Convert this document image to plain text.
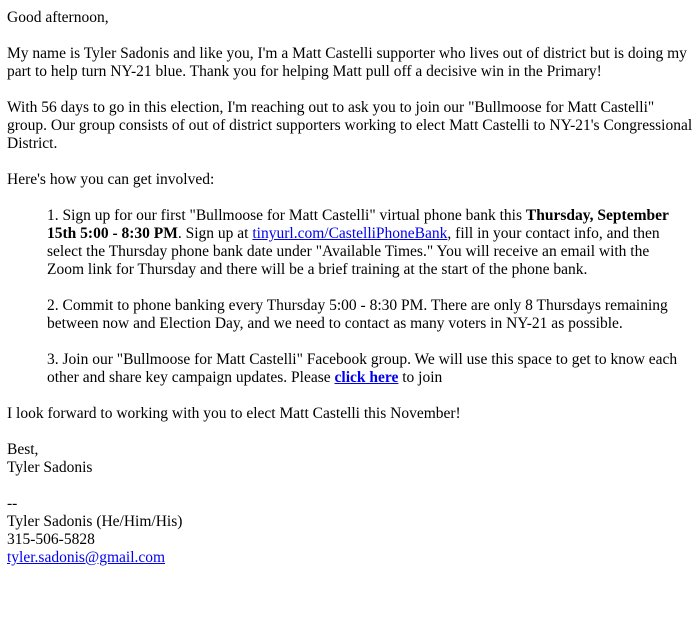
Good afternoon,

My name is Tyler Sadonis and like you, I'm a Matt Castelli supporter who lives out of district but is doing my part to help turn NY-21 blue. Thank you for helping Matt pull off a decisive win in the Primary!

With 56 days to go in this election, I'm reaching out to ask you to join our "Bullmoose for Matt Castelli" group. Our group consists of out of district supporters working to elect Matt Castelli to NY-21's Congressional District.

Here's how you can get involved:

1. Sign up for our first "Bullmoose for Matt Castelli" virtual phone bank this Thursday, September 15th 5:00 - 8:30 PM. Sign up at tinyurl.com/CastelliPhoneBank, fill in your contact info, and then select the Thursday phone bank date under "Available Times." You will receive an email with the Zoom link for Thursday and there will be a brief training at the start of the phone bank.

2. Commit to phone banking every Thursday 5:00 - 8:30 PM. There are only 8 Thursdays remaining between now and Election Day, and we need to contact as many voters in NY-21 as possible.

3. Join our "Bullmoose for Matt Castelli" Facebook group. We will use this space to get to know each other and share key campaign updates. Please click here to join

I look forward to working with you to elect Matt Castelli this November!

Best,

Tyler Sadonis

--

Tyler Sadonis (He/Him/His)

315-506-5828

tyler.sadonis@gmail.com
